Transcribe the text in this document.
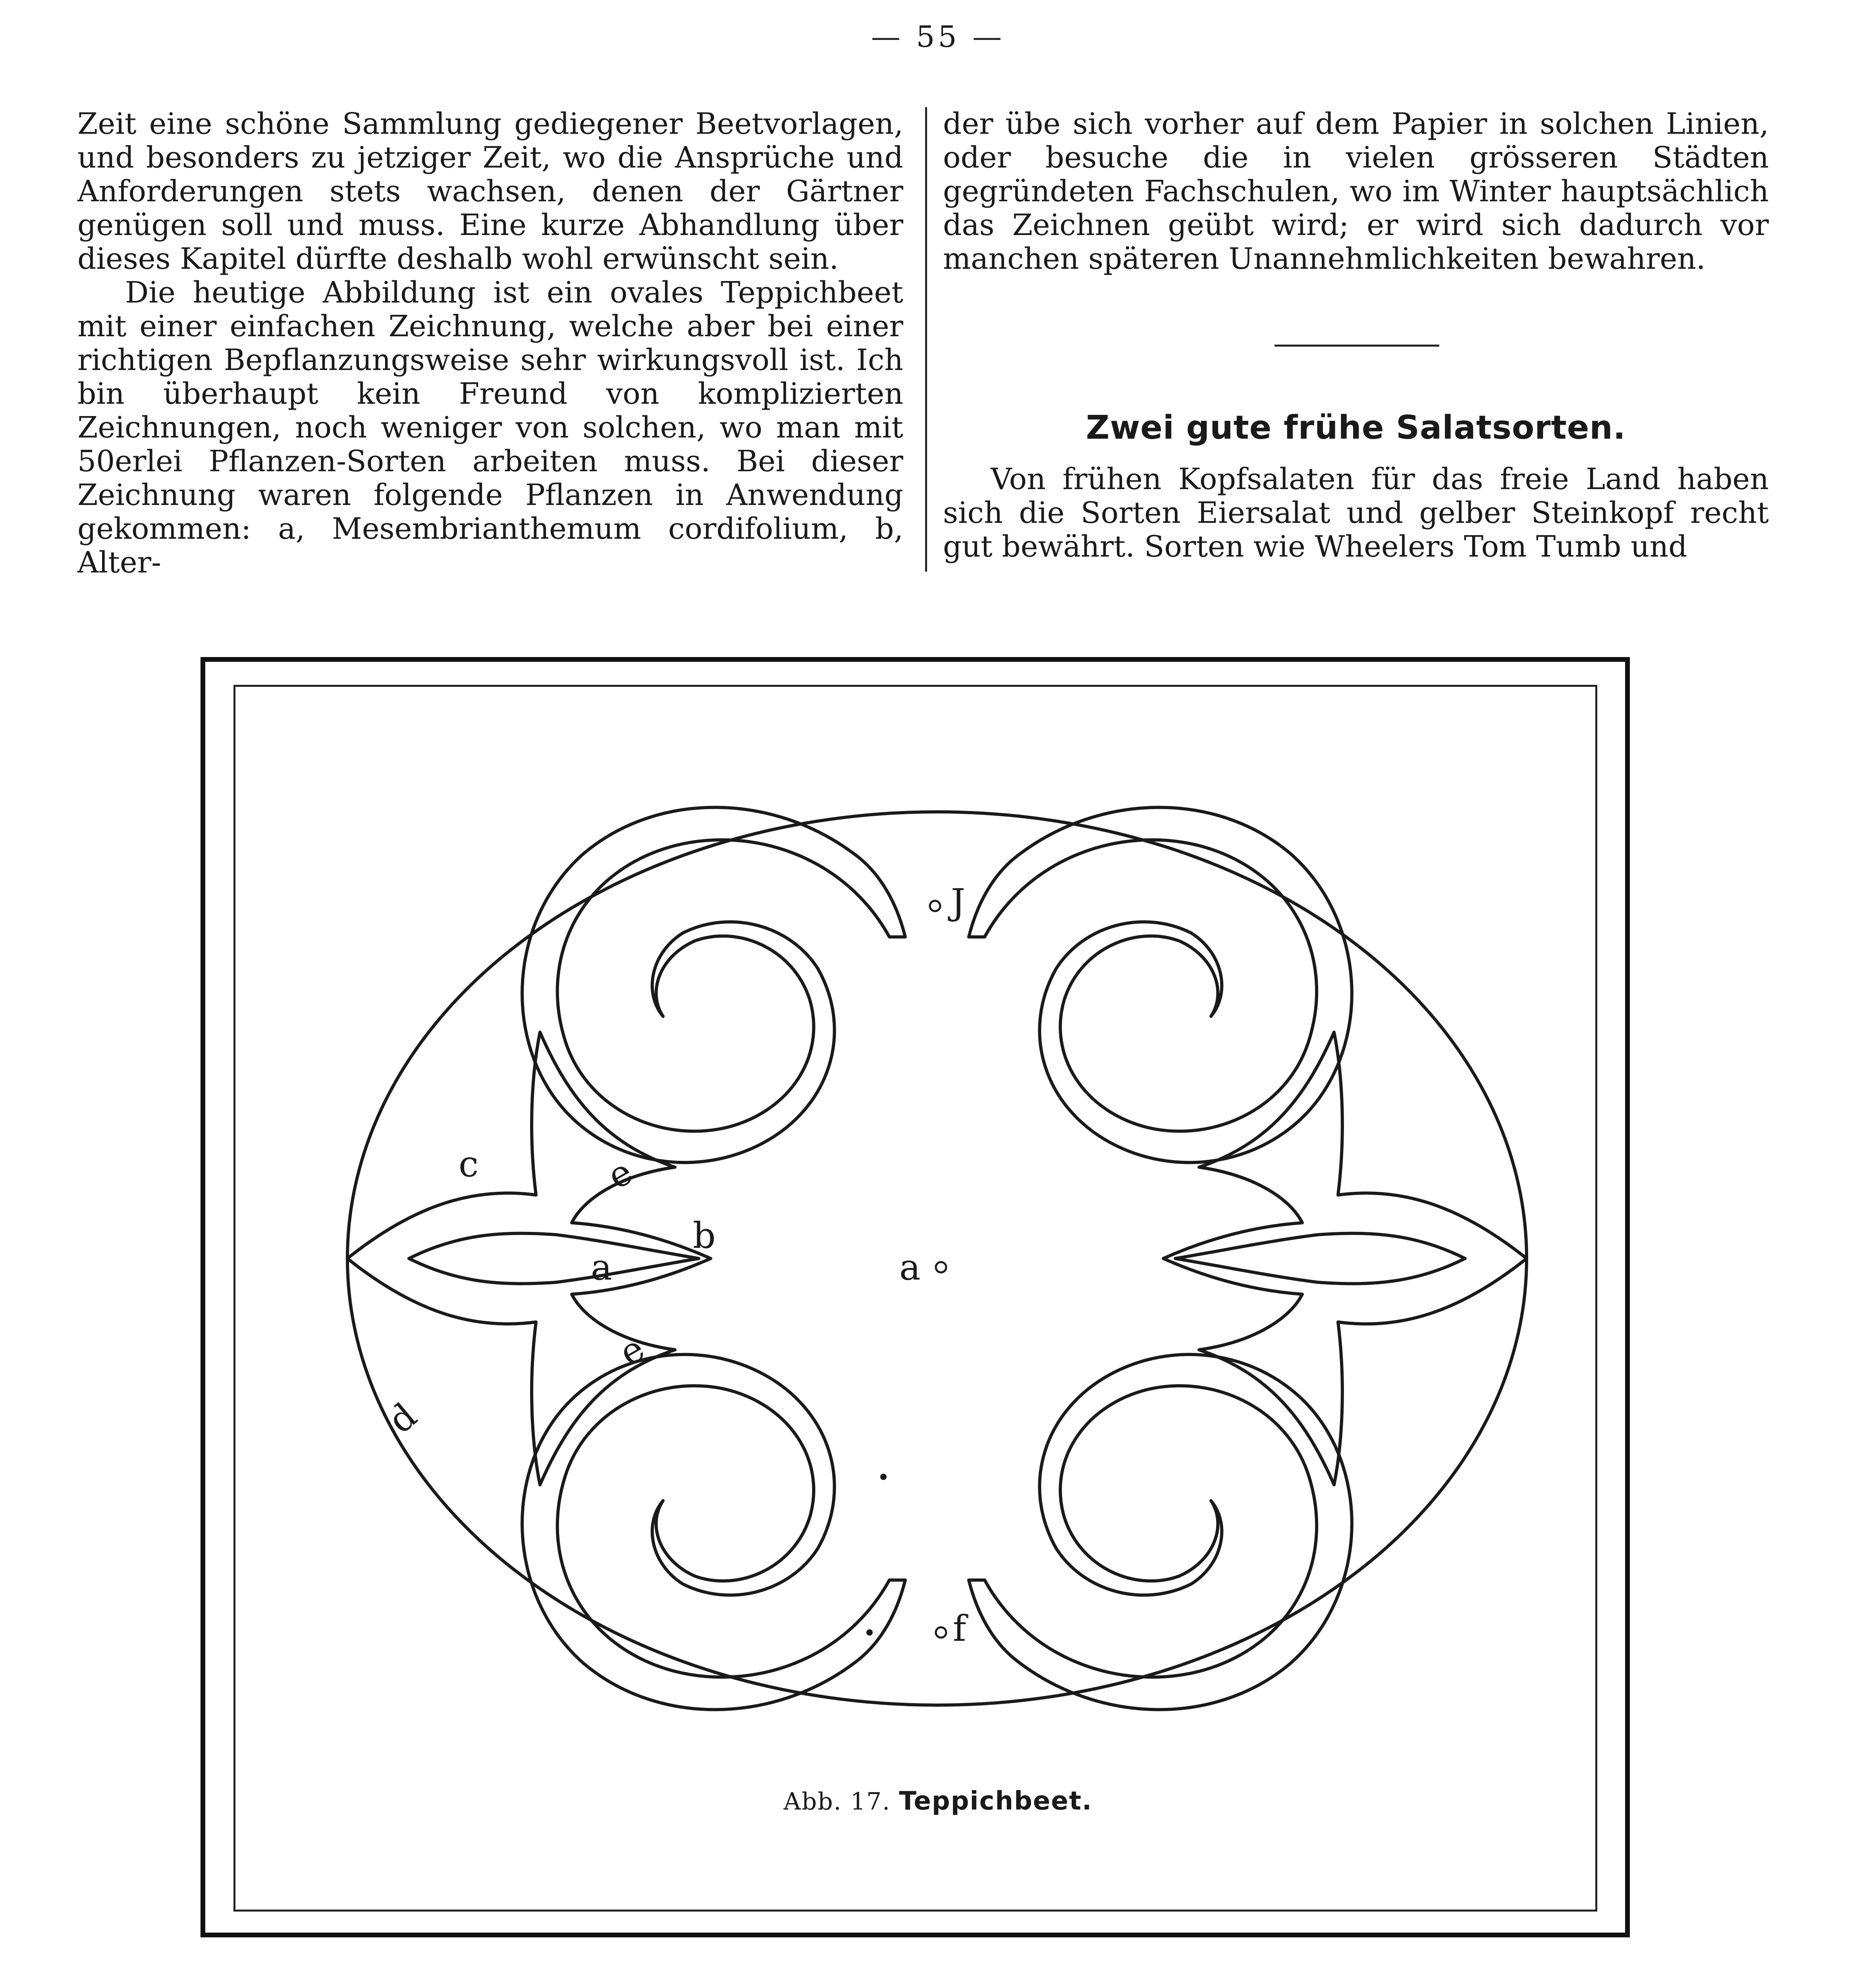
— 55 —

Zeit eine schöne Sammlung gediegener Beetvorlagen, und besonders zu jetziger Zeit, wo die Ansprüche und Anforderungen stets wachsen, denen der Gärtner genügen soll und muss. Eine kurze Abhandlung über dieses Kapitel dürfte deshalb wohl erwünscht sein.

Die heutige Abbildung ist ein ovales Teppichbeet mit einer einfachen Zeichnung, welche aber bei einer richtigen Bepflanzungsweise sehr wirkungsvoll ist. Ich bin überhaupt kein Freund von komplizierten Zeichnungen, noch weniger von solchen, wo man mit 50erlei Pflanzen-Sorten arbeiten muss. Bei dieser Zeichnung waren folgende Pflanzen in Anwendung gekommen: a, Mesembrianthemum cordifolium, b, Alter-

der übe sich vorher auf dem Papier in solchen Linien, oder besuche die in vielen grösseren Städten gegründeten Fachschulen, wo im Winter hauptsächlich das Zeichnen geübt wird; er wird sich dadurch vor manchen späteren Unannehmlichkeiten bewahren.

Zwei gute frühe Salatsorten.

Von frühen Kopfsalaten für das freie Land haben sich die Sorten Eiersalat und gelber Steinkopf recht gut bewährt. Sorten wie Wheelers Tom Tumb und

J
c	e
b
a	a
e
d
f
Abb. 17. Teppichbeet.
